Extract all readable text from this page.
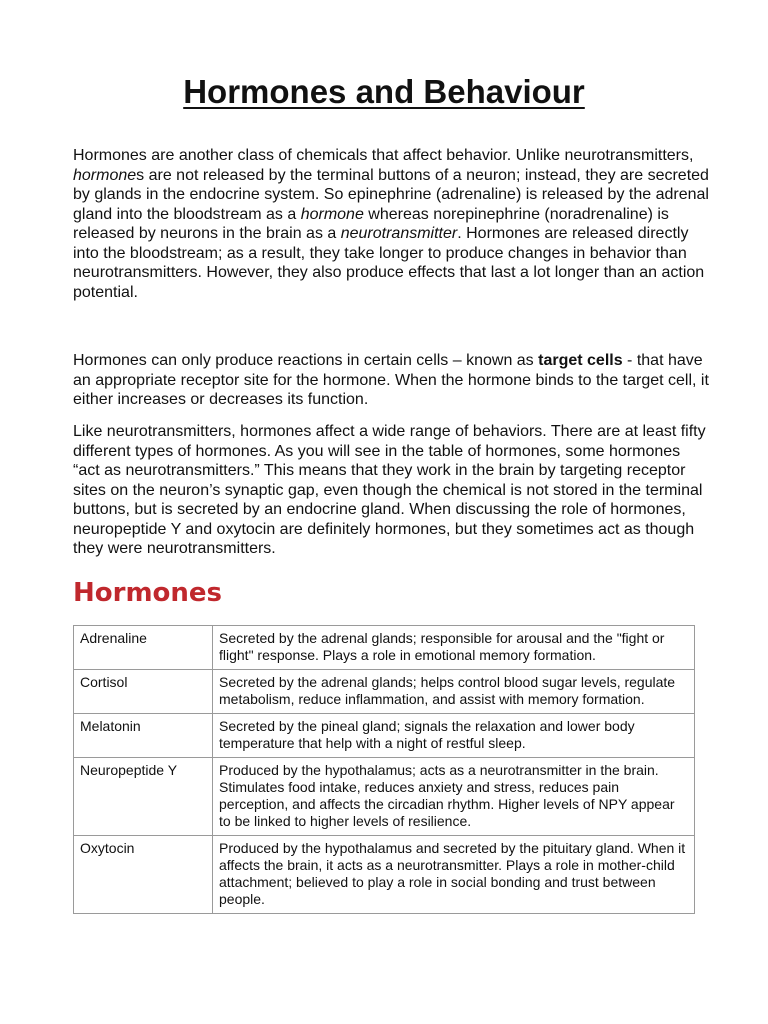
Hormones and Behaviour

Hormones are another class of chemicals that affect behavior. Unlike neurotransmitters, hormones are not released by the terminal buttons of a neuron; instead, they are secreted by glands in the endocrine system. So epinephrine (adrenaline) is released by the adrenal gland into the bloodstream as a hormone whereas norepinephrine (noradrenaline) is released by neurons in the brain as a neurotransmitter. Hormones are released directly into the bloodstream; as a result, they take longer to produce changes in behavior than neurotransmitters. However, they also produce effects that last a lot longer than an action potential.

Hormones can only produce reactions in certain cells – known as target cells - that have an appropriate receptor site for the hormone. When the hormone binds to the target cell, it either increases or decreases its function.

Like neurotransmitters, hormones affect a wide range of behaviors. There are at least fifty different types of hormones. As you will see in the table of hormones, some hormones “act as neurotransmitters.” This means that they work in the brain by targeting receptor sites on the neuron’s synaptic gap, even though the chemical is not stored in the terminal buttons, but is secreted by an endocrine gland. When discussing the role of hormones, neuropeptide Y and oxytocin are definitely hormones, but they sometimes act as though they were neurotransmitters.

Hormones
Adrenaline	Secreted by the adrenal glands; responsible for arousal and the "fight or flight" response. Plays a role in emotional memory formation.
Cortisol	Secreted by the adrenal glands; helps control blood sugar levels, regulate metabolism, reduce inflammation, and assist with memory formation.
Melatonin	Secreted by the pineal gland; signals the relaxation and lower body temperature that help with a night of restful sleep.
Neuropeptide Y	Produced by the hypothalamus; acts as a neurotransmitter in the brain. Stimulates food intake, reduces anxiety and stress, reduces pain perception, and affects the circadian rhythm. Higher levels of NPY appear to be linked to higher levels of resilience.
Oxytocin	Produced by the hypothalamus and secreted by the pituitary gland. When it affects the brain, it acts as a neurotransmitter. Plays a role in mother-child attachment; believed to play a role in social bonding and trust between people.
